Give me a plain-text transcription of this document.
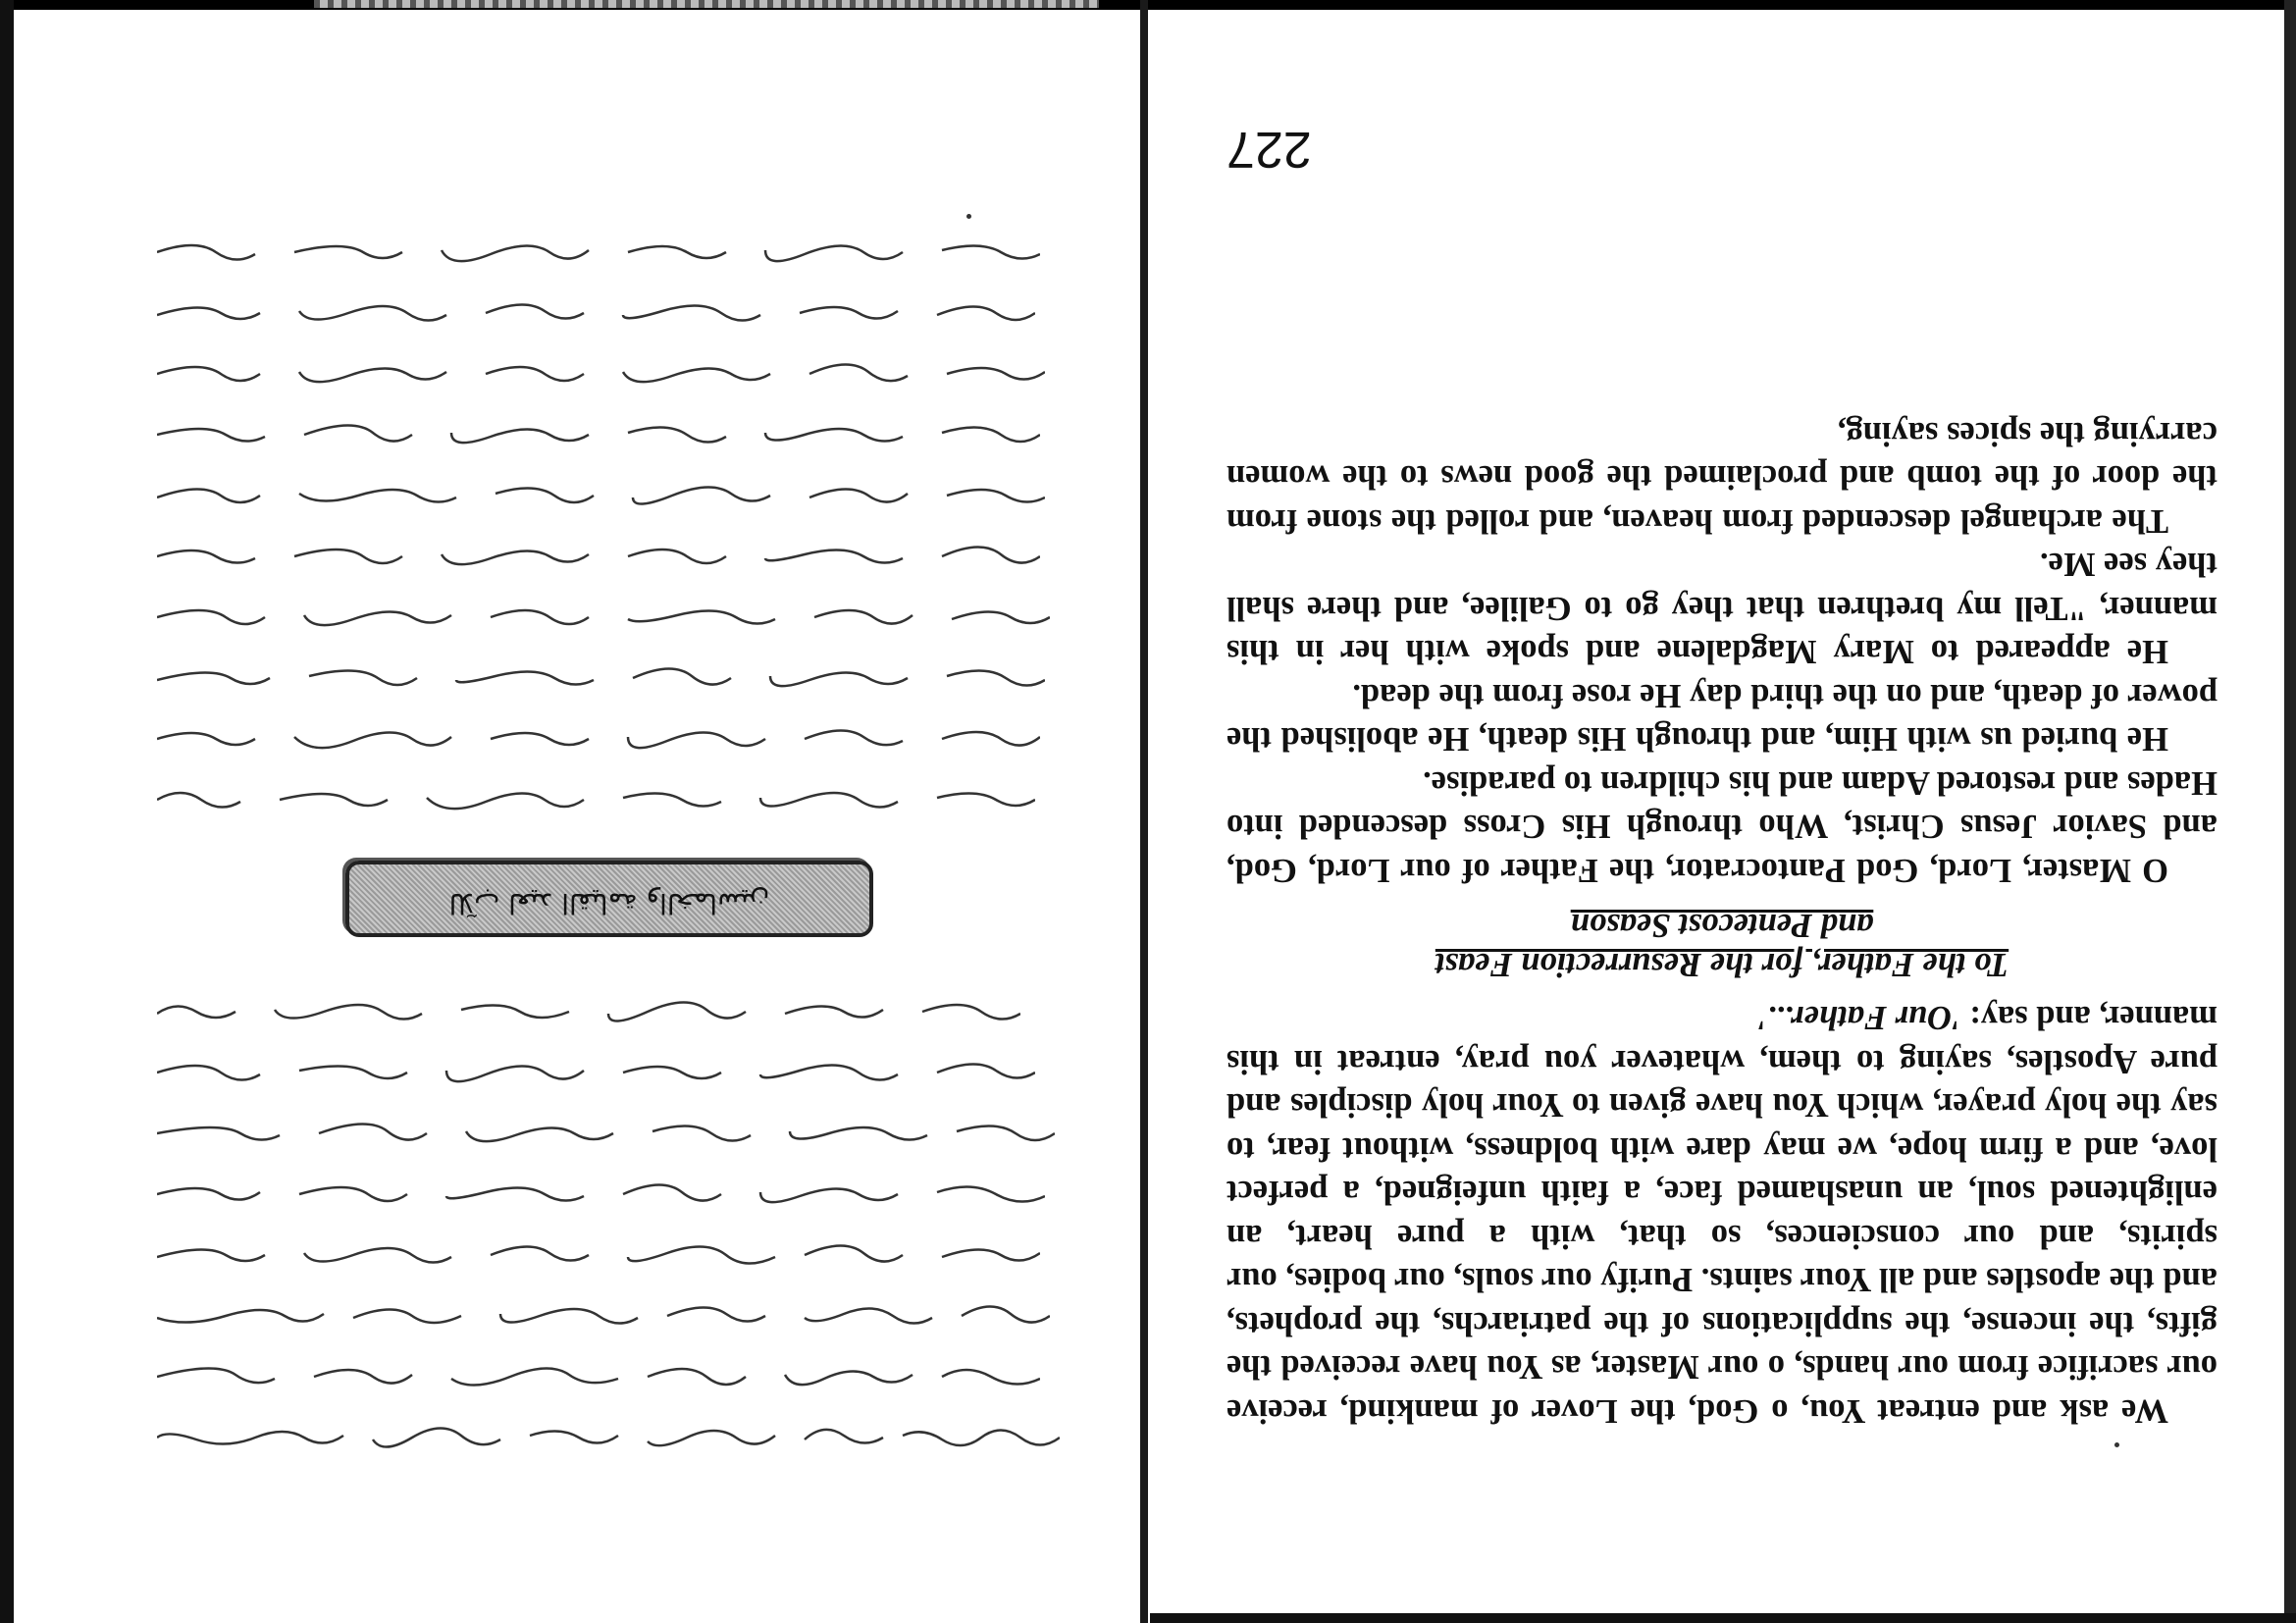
للآب لعيد القيامة والخماسين

We ask and entreat You, o God, the Lover of mankind, receive our sacrifice from our hands, o our Master, as You have received the gifts, the incense, the supplications of the patriarchs, the prophets, and the apostles and all Your saints. Purify our souls, our bodies, our spirits, and our consciences, so that, with a pure heart, an enlightened soul, an unashamed face, a faith unfeigned, a perfect love, and a firm hope, we may dare with boldness, without fear, to say the holy prayer, which You have given to Your holy disciples and pure Apostles, saying to them, whatever you pray, entreat in this manner, and say: 'Our Father...'

To the Father, for the Resurrection Feast
and Pentecost Season

O Master, Lord, God Pantocrator, the Father of our Lord, God, and Savior Jesus Christ, Who through His Cross descended into Hades and restored Adam and his children to paradise.

He buried us with Him, and through His death, He abolished the power of death, and on the third day He rose from the dead.

He appeared to Mary Magdalene and spoke with her in this manner, "Tell my brethren that they go to Galilee, and there shall they see Me.

The archangel descended from heaven, and rolled the stone from the door of the tomb and proclaimed the good news to the women carrying the spices saying,

227
